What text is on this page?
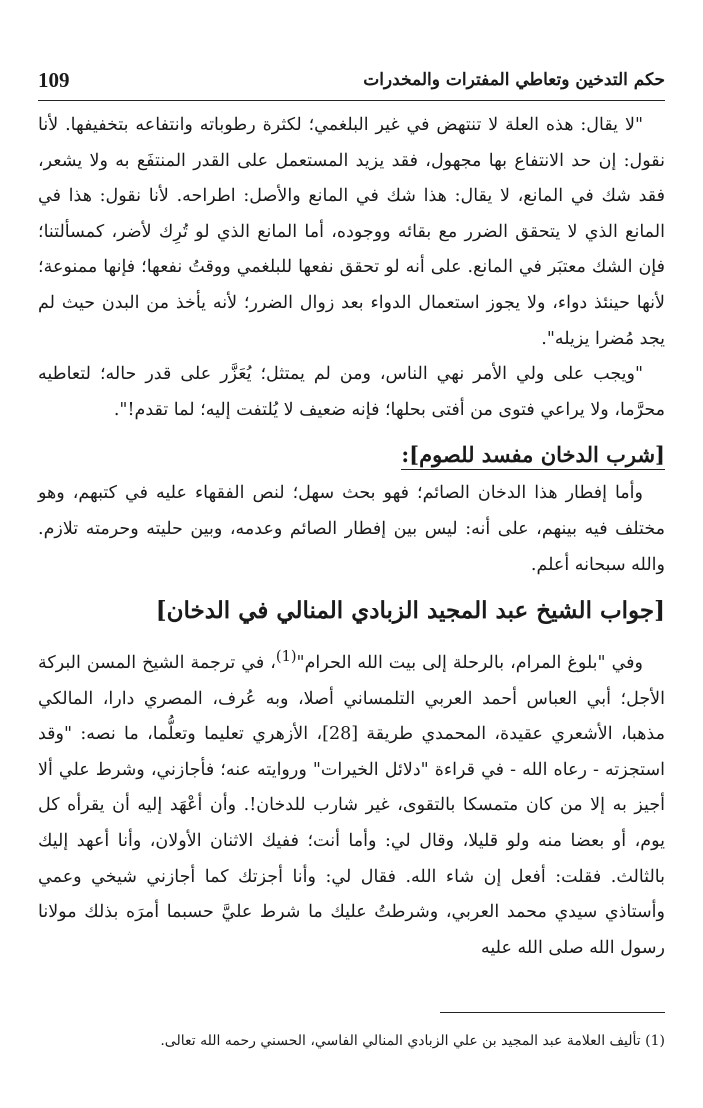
حكم التدخين وتعاطي المفترات والمخدرات
109

"لا يقال: هذه العلة لا تنتهض في غير البلغمي؛ لكثرة رطوباته وانتفاعه بتخفيفها. لأنا نقول: إن حد الانتفاع بها مجهول، فقد يزيد المستعمل على القدر المنتفَع به ولا يشعر، فقد شك في المانع، لا يقال: هذا شك في المانع والأصل: اطراحه. لأنا نقول: هذا في المانع الذي لا يتحقق الضرر مع بقائه ووجوده، أما المانع الذي لو تُرِك لأضر، كمسألتنا؛ فإن الشك معتبَر في المانع. على أنه لو تحقق نفعها للبلغمي ووقتُ نفعها؛ فإنها ممنوعة؛ لأنها حينئذ دواء، ولا يجوز استعمال الدواء بعد زوال الضرر؛ لأنه يأخذ من البدن حيث لم يجد مُضرا يزيله".

"ويجب على ولي الأمر نهي الناس، ومن لم يمتثل؛ يُعَزَّر على قدر حاله؛ لتعاطيه محرَّما، ولا يراعي فتوى من أفتى بحلها؛ فإنه ضعيف لا يُلتفت إليه؛ لما تقدم!".

[شرب الدخان مفسد للصوم]:

وأما إفطار هذا الدخان الصائم؛ فهو بحث سهل؛ لنص الفقهاء عليه في كتبهم، وهو مختلف فيه بينهم، على أنه: ليس بين إفطار الصائم وعدمه، وبين حليته وحرمته تلازم. والله سبحانه أعلم.

[جواب الشيخ عبد المجيد الزبادي المنالي في الدخان]

وفي "بلوغ المرام، بالرحلة إلى بيت الله الحرام"$^{(1)}$، في ترجمة الشيخ المسن البركة الأجل؛ أبي العباس أحمد العربي التلمساني أصلا، وبه عُرف، المصري دارا، المالكي مذهبا، الأشعري عقيدة، المحمدي طريقة [28]، الأزهري تعليما وتعلُّما، ما نصه: "وقد استجزته - رعاه الله - في قراءة "دلائل الخيرات" وروايته عنه؛ فأجازني، وشرط علي ألا أجيز به إلا من كان متمسكا بالتقوى، غير شارب للدخان!. وأن أعْهَد إليه أن يقرأه كل يوم، أو بعضا منه ولو قليلا، وقال لي: وأما أنت؛ ففيك الاثنان الأولان، وأنا أعهد إليك بالثالث. فقلت: أفعل إن شاء الله. فقال لي: وأنا أجزتك كما أجازني شيخي وعمي وأستاذي سيدي محمد العربي، وشرطتُ عليك ما شرط عليَّ حسبما أمرَه بذلك مولانا رسول الله صلى الله عليه

(1) تأليف العلامة عبد المجيد بن علي الزبادي المنالي الفاسي، الحسني رحمه الله تعالى.
